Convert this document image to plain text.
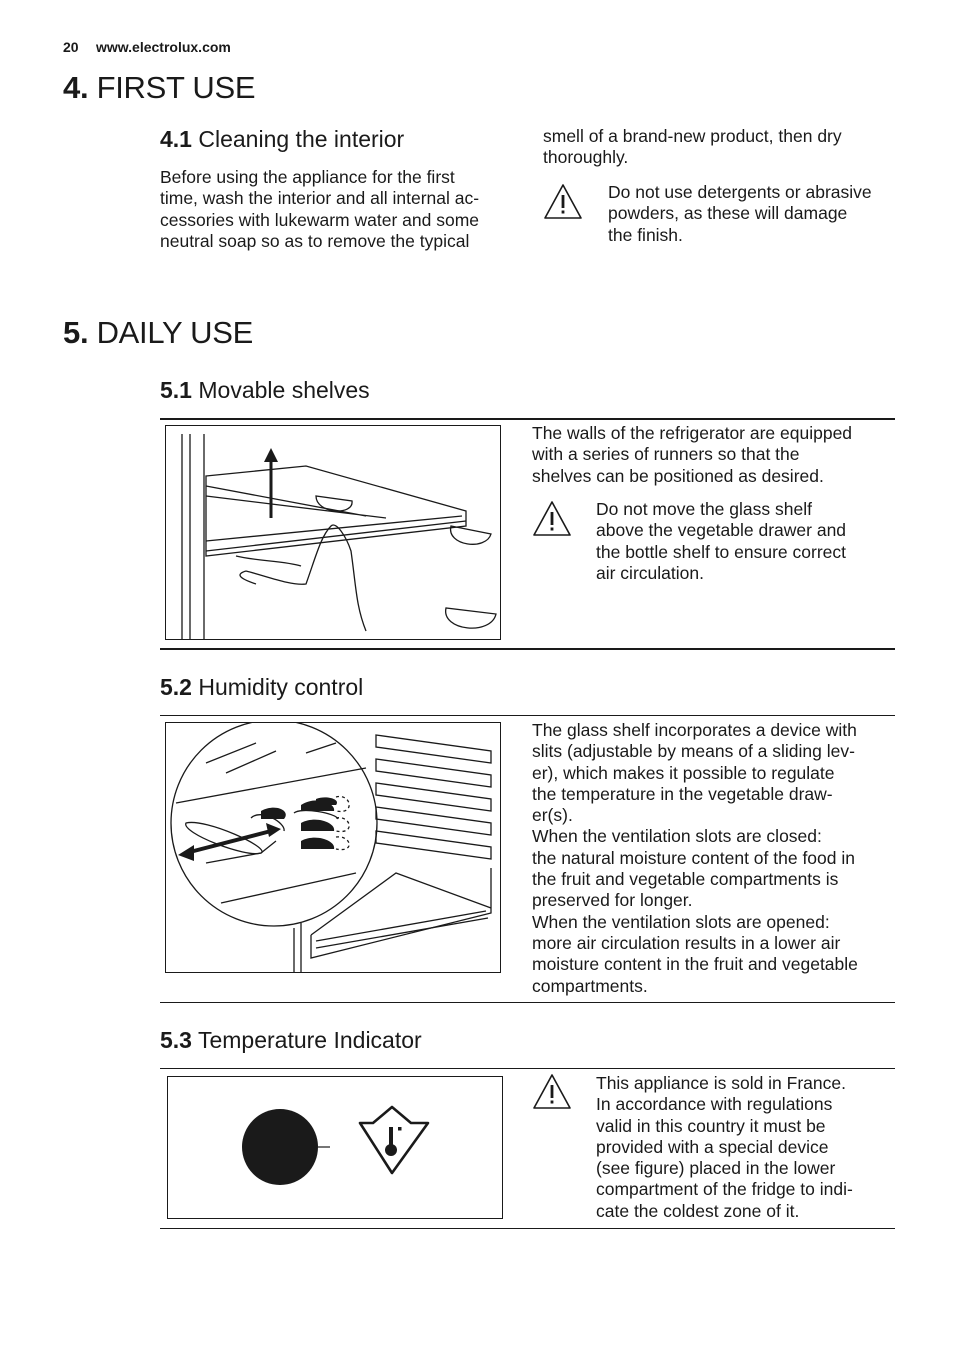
20 www.electrolux.com
4. FIRST USE
4.1 Cleaning the interior
Before using the appliance for the first
time, wash the interior and all internal ac-
cessories with lukewarm water and some
neutral soap so as to remove the typical
smell of a brand-new product, then dry
thoroughly.
Do not use detergents or abrasive
powders, as these will damage
the finish.
5. DAILY USE
5.1 Movable shelves
The walls of the refrigerator are equipped
with a series of runners so that the
shelves can be positioned as desired.
Do not move the glass shelf
above the vegetable drawer and
the bottle shelf to ensure correct
air circulation.
5.2 Humidity control
The glass shelf incorporates a device with
slits (adjustable by means of a sliding lev-
er), which makes it possible to regulate
the temperature in the vegetable draw-
er(s).
When the ventilation slots are closed:
the natural moisture content of the food in
the fruit and vegetable compartments is
preserved for longer.
When the ventilation slots are opened:
more air circulation results in a lower air
moisture content in the fruit and vegetable
compartments.
5.3 Temperature Indicator
This appliance is sold in France.
In accordance with regulations
valid in this country it must be
provided with a special device
(see figure) placed in the lower
compartment of the fridge to indi-
cate the coldest zone of it.
